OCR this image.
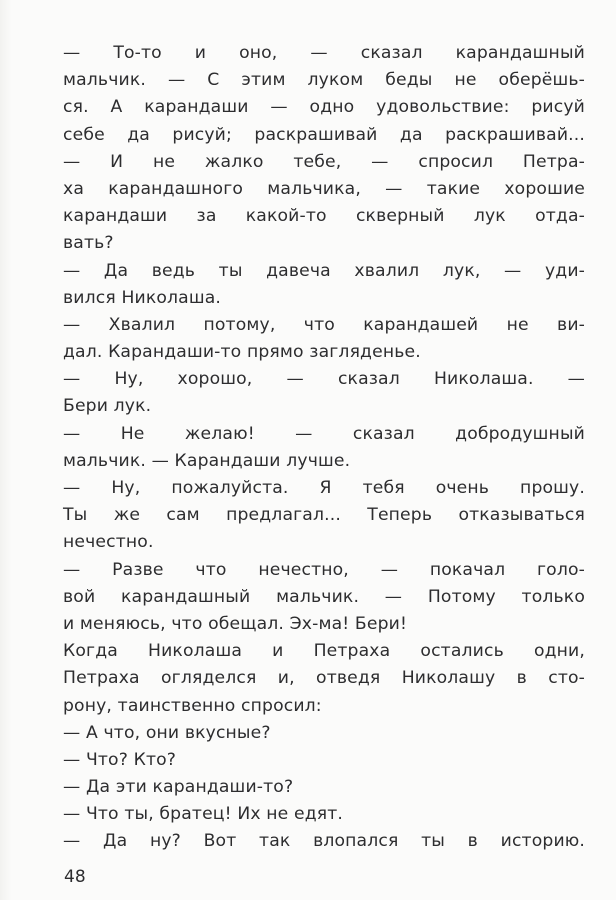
— То-то и оно, — сказал карандашный
мальчик. — С этим луком беды не оберёшь-
ся. А карандаши — одно удовольствие: рисуй
себе да рисуй; раскрашивай да раскрашивай...
— И не жалко тебе, — спросил Петра-
ха карандашного мальчика, — такие хорошие
карандаши за какой-то скверный лук отда-
вать?
— Да ведь ты давеча хвалил лук, — уди-
вился Николаша.
— Хвалил потому, что карандашей не ви-
дал. Карандаши-то прямо загляденье.
— Ну, хорошо, — сказал Николаша. —
Бери лук.
— Не желаю! — сказал добродушный
мальчик. — Карандаши лучше.
— Ну, пожалуйста. Я тебя очень прошу.
Ты же сам предлагал... Теперь отказываться
нечестно.
— Разве что нечестно, — покачал голо-
вой карандашный мальчик. — Потому только
и меняюсь, что обещал. Эх-ма! Бери!
Когда Николаша и Петраха остались одни,
Петраха огляделся и, отведя Николашу в сто-
рону, таинственно спросил:
— А что, они вкусные?
— Что? Кто?
— Да эти карандаши-то?
— Что ты, братец! Их не едят.
— Да ну? Вот так влопался ты в историю.
48
